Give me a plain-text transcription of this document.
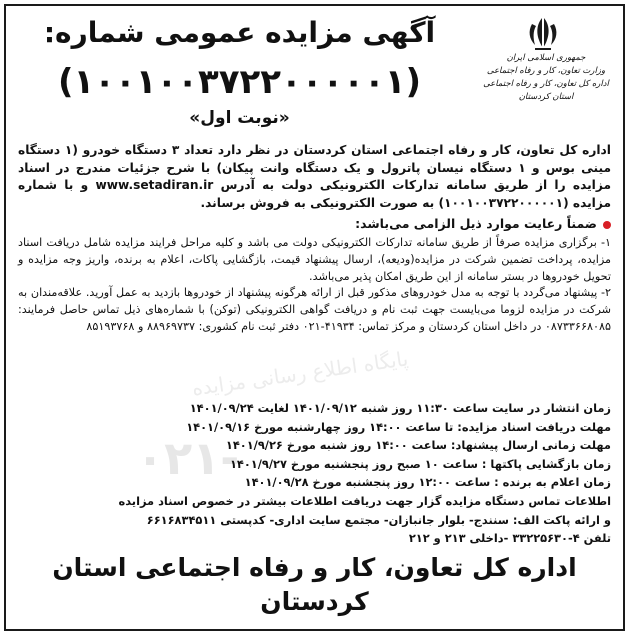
جمهوری اسلامی ایران
وزارت تعاون، کار و رفاه اجتماعی
اداره کل تعاون، کار و رفاه اجتماعی استان کردستان
آگهی مزایده عمومی شماره:
(۱۰۰۱۰۰۳۷۲۲۰۰۰۰۰۱)
«نوبت اول»
اداره کل تعاون، کار و رفاه اجتماعی استان کردستان در نظر دارد تعداد ۳ دستگاه خودرو (۱ دستگاه مینی بوس و ۱ دستگاه نیسان پاترول و یک دستگاه وانت پیکان) با شرح جزئیات مندرج در اسناد مزایده را از طریق سامانه تدارکات الکترونیکی دولت به آدرس www.setadiran.ir و با شماره مزایده (۱۰۰۱۰۰۳۷۲۲۰۰۰۰۰۱) به صورت الکترونیکی به فروش برساند.
ضمناً رعایت موارد ذیل الزامی می‌باشد:

۱- برگزاری مزایده صرفاً از طریق سامانه تدارکات الکترونیکی دولت می باشد و کلیه مراحل فرایند مزایده شامل دریافت اسناد مزایده، پرداخت تضمین شرکت در مزایده(ودیعه)، ارسال پیشنهاد قیمت، بازگشایی پاکات، اعلام به برنده، واریز وجه مزایده و تحویل خودروها در بستر سامانه از این طریق امکان پذیر می‌باشد.

۲- پیشنهاد می‌گردد با توجه به مدل خودروهای مذکور قبل از ارائه هرگونه پیشنهاد از خودروها بازدید به عمل آورید. علاقه‌مندان به شرکت در مزایده لزوما می‌بایست جهت ثبت نام و دریافت گواهی الکترونیکی (توکن) با شماره‌های ذیل تماس حاصل فرمایند: ۰۸۷۳۳۶۶۸۰۸۵ در داخل استان کردستان و مرکز تماس: ۴۱۹۳۴-۰۲۱ دفتر ثبت نام کشوری: ۸۸۹۶۹۷۳۷ و ۸۵۱۹۳۷۶۸

پایگاه اطلاع رسانی مزایده
۰۲۱-

زمان انتشار در سایت ساعت ۱۱:۳۰ روز شنبه ۱۴۰۱/۰۹/۱۲ لغایت ۱۴۰۱/۰۹/۲۴

مهلت دریافت اسناد مزایده: تا ساعت ۱۴:۰۰ روز چهارشنبه مورخ ۱۴۰۱/۰۹/۱۶

مهلت زمانی ارسال پیشنهاد: ساعت ۱۴:۰۰ روز شنبه مورخ ۱۴۰۱/۹/۲۶

زمان بازگشایی پاکتها : ساعت ۱۰ صبح روز پنجشنبه مورخ ۱۴۰۱/۹/۲۷

زمان اعلام به برنده : ساعت ۱۲:۰۰ روز پنجشنبه مورخ ۱۴۰۱/۰۹/۲۸

اطلاعات تماس دستگاه مزایده گزار جهت دریافت اطلاعات بیشتر در خصوص اسناد مزایده

و ارائه پاکت الف: سنندج- بلوار جانبازان- مجتمع سایت اداری- کدپستی ۶۶۱۶۸۳۴۵۱۱

تلفن ۴-۳۳۲۲۵۶۳۰ -داخلی ۲۱۳ و ۲۱۲

اداره کل تعاون، کار و رفاه اجتماعی استان کردستان
